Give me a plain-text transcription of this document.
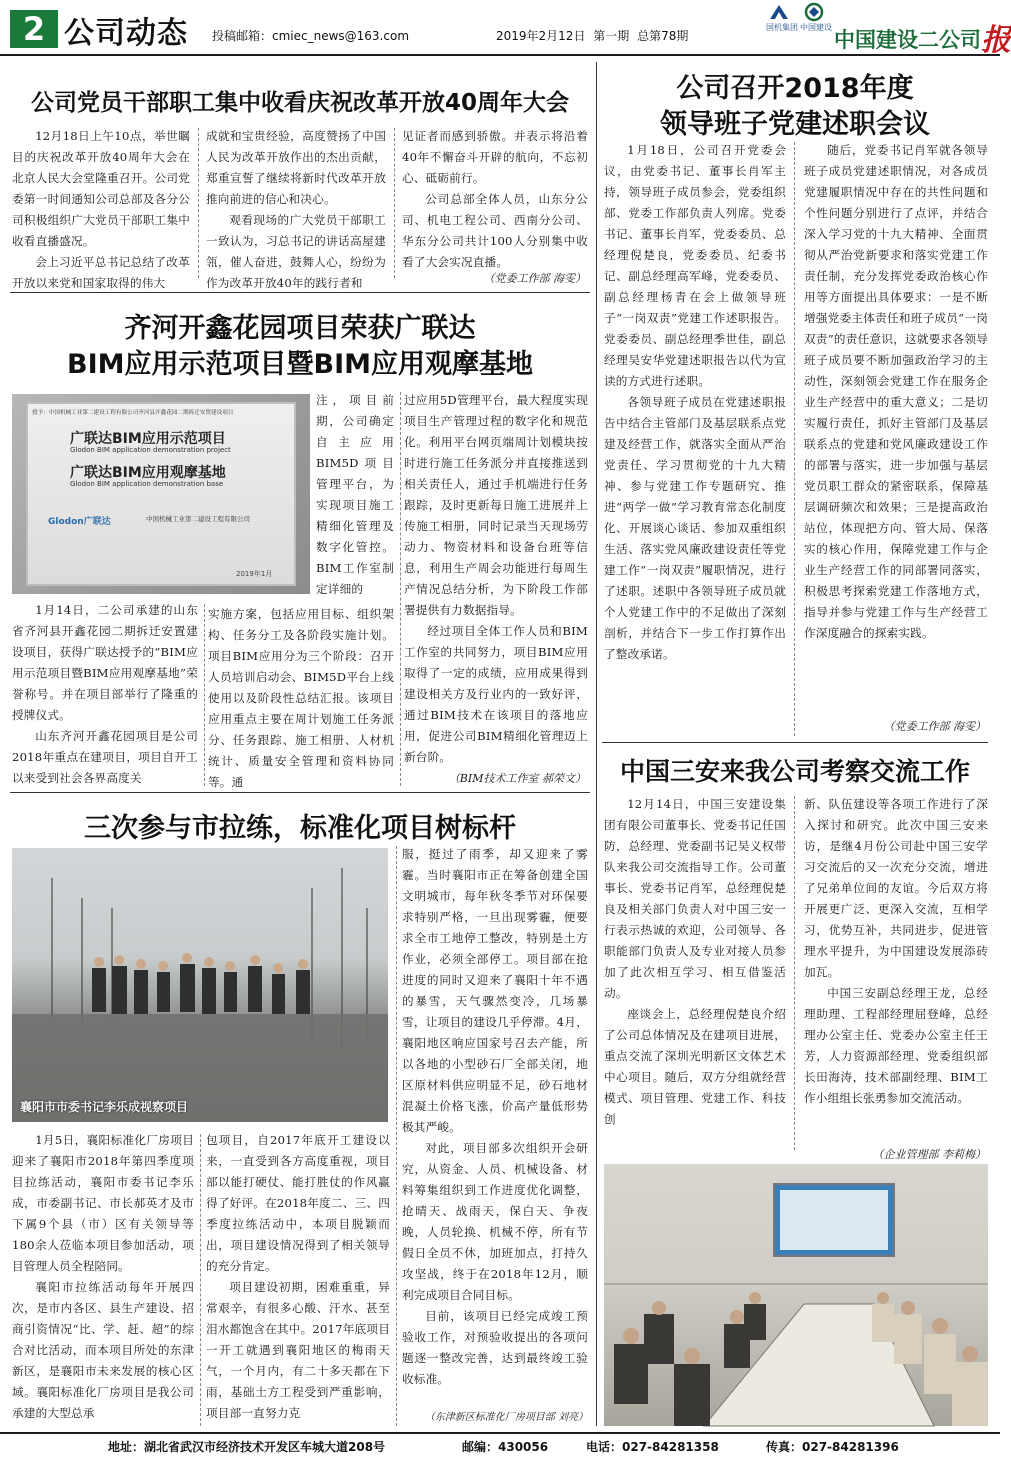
2 公司动态 投稿邮箱：cmiec_news@163.com	2019年2月12日 第一期 总第78期
国机集团 中国建设
中国建设二公司报
公司党员干部职工集中收看庆祝改革开放40周年大会

12月18日上午10点，举世瞩目的庆祝改革开放40周年大会在北京人民大会堂隆重召开。公司党委第一时间通知公司总部及各分公司积极组织广大党员干部职工集中收看直播盛况。

会上习近平总书记总结了改革开放以来党和国家取得的伟大

成就和宝贵经验，高度赞扬了中国人民为改革开放作出的杰出贡献，郑重宣誓了继续将新时代改革开放推向前进的信心和决心。

观看现场的广大党员干部职工一致认为，习总书记的讲话高屋建瓴，催人奋进，鼓舞人心，纷纷为作为改革开放40年的践行者和

见证者而感到骄傲。并表示将沿着40年不懈奋斗开辟的航向，不忘初心、砥砺前行。

公司总部全体人员，山东分公司、机电工程公司、西南分公司、华东分公司共计100人分别集中收看了大会实况直播。

（党委工作部 海雯）
齐河开鑫花园项目荣获广联达
BIM应用示范项目暨BIM应用观摩基地
授予：中国机械工业第二建设工程有限公司齐河县开鑫花园二期拆迁安置建设项目
广联达BIM应用示范项目
Glodon BIM application demonstration project
广联达BIM应用观摩基地
Glodon BIM application demonstration base
Glodon广联达	中国机械工业第二建设工程有限公司
2019年1月

1月14日，二公司承建的山东省齐河县开鑫花园二期拆迁安置建设项目，获得广联达授予的“BIM应用示范项目暨BIM应用观摩基地”荣誉称号。并在项目部举行了隆重的授牌仪式。

山东齐河开鑫花园项目是公司2018年重点在建项目，项目自开工以来受到社会各界高度关

注，项目前期，公司确定自主应用BIM5D项目管理平台，为实现项目施工精细化管理及数字化管控。BIM工作室制定详细的

实施方案，包括应用目标、组织架构、任务分工及各阶段实施计划。项目BIM应用分为三个阶段：召开人员培训启动会、BIM5D平台上线使用以及阶段性总结汇报。该项目应用重点主要在周计划施工任务派分、任务跟踪、施工相册、人材机统计、质量安全管理和资料协同等。通

过应用5D管理平台，最大程度实现项目生产管理过程的数字化和规范化。利用平台网页端周计划模块按时进行施工任务派分并直接推送到相关责任人，通过手机端进行任务跟踪，及时更新每日施工进展并上传施工相册，同时记录当天现场劳动力、物资材料和设备台班等信息，利用生产周会功能进行每周生产情况总结分析，为下阶段工作部署提供有力数据指导。

经过项目全体工作人员和BIM工作室的共同努力，项目BIM应用取得了一定的成绩，应用成果得到建设相关方及行业内的一致好评，通过BIM技术在该项目的落地应用，促进公司BIM精细化管理迈上新台阶。

（BIM技术工作室 郝荣文）
三次参与市拉练，标准化项目树标杆
襄阳市市委书记李乐成视察项目

1月5日，襄阳标准化厂房项目迎来了襄阳市2018年第四季度项目拉练活动，襄阳市委书记李乐成，市委副书记、市长郝英才及市下属9个县（市）区有关领导等180余人莅临本项目参加活动，项目管理人员全程陪同。

襄阳市拉练活动每年开展四次，是市内各区、县生产建设、招商引资情况“比、学、赶、超”的综合对比活动，而本项目所处的东津新区，是襄阳市未来发展的核心区域。襄阳标准化厂房项目是我公司承建的大型总承

包项目，自2017年底开工建设以来，一直受到各方高度重视，项目部以能打硬仗、能打胜仗的作风赢得了好评。在2018年度二、三、四季度拉练活动中，本项目脱颖而出，项目建设情况得到了相关领导的充分肯定。

项目建设初期，困难重重，异常艰辛，有很多心酸、汗水、甚至泪水都饱含在其中。2017年底项目一开工就遇到襄阳地区的梅雨天气，一个月内，有二十多天都在下雨，基础土方工程受到严重影响，项目部一直努力克

服，挺过了雨季，却又迎来了雾霾。当时襄阳市正在筹备创建全国文明城市，每年秋冬季节对环保要求特别严格，一旦出现雾霾，便要求全市工地停工整改，特别是土方作业，必须全部停工。项目部在抢进度的同时又迎来了襄阳十年不遇的暴雪，天气骤然变冷，几场暴雪，让项目的建设几乎停滞。4月，襄阳地区响应国家号召去产能，所以各地的小型砂石厂全部关闭，地区原材料供应明显不足，砂石地材混凝土价格飞涨，价高产量低形势极其严峻。

对此，项目部多次组织开会研究，从资金、人员、机械设备、材料筹集组织到工作进度优化调整，抢晴天、战雨天，保白天、争夜晚，人员轮换、机械不停，所有节假日全员不休，加班加点，打持久攻坚战，终于在2018年12月，顺利完成项目合同目标。

目前，该项目已经完成竣工预验收工作，对预验收提出的各项问题逐一整改完善，达到最终竣工验收标准。

（东津新区标准化厂房项目部 刘亮）
公司召开2018年度
领导班子党建述职会议

1月18日，公司召开党委会议，由党委书记、董事长肖军主持，领导班子成员参会，党委组织部、党委工作部负责人列席。党委书记、董事长肖军，党委委员、总经理倪楚良，党委委员、纪委书记、副总经理高军峰，党委委员、副总经理杨青在会上做领导班子“一岗双责”党建工作述职报告。党委委员、副总经理季世佳，副总经理吴安华党建述职报告以代为宣读的方式进行述职。

各领导班子成员在党建述职报告中结合主管部门及基层联系点党建及经营工作，就落实全面从严治党责任、学习贯彻党的十九大精神、参与党建工作专题研究、推进“两学一做”学习教育常态化制度化、开展谈心谈话、参加双重组织生活、落实党风廉政建设责任等党建工作“一岗双责”履职情况，进行了述职。述职中各领导班子成员就个人党建工作中的不足做出了深刻剖析，并结合下一步工作打算作出了整改承诺。

随后，党委书记肖军就各领导班子成员党建述职情况，对各成员党建履职情况中存在的共性问题和个性问题分别进行了点评，并结合深入学习党的十九大精神、全面贯彻从严治党新要求和落实党建工作责任制，充分发挥党委政治核心作用等方面提出具体要求：一是不断增强党委主体责任和班子成员“一岗双责”的责任意识，这就要求各领导班子成员要不断加强政治学习的主动性，深刻领会党建工作在服务企业生产经营中的重大意义；二是切实履行责任，抓好主管部门及基层联系点的党建和党风廉政建设工作的部署与落实，进一步加强与基层党员职工群众的紧密联系，保障基层调研频次和效果；三是提高政治站位，体现把方向、管大局、保落实的核心作用，保障党建工作与企业生产经营工作的同部署同落实，积极思考探索党建工作落地方式，指导并参与党建工作与生产经营工作深度融合的探索实践。

（党委工作部 海雯）
中国三安来我公司考察交流工作

12月14日，中国三安建设集团有限公司董事长、党委书记任国防，总经理、党委副书记吴义权带队来我公司交流指导工作。公司董事长、党委书记肖军，总经理倪楚良及相关部门负责人对中国三安一行表示热诚的欢迎，公司领导、各职能部门负责人及专业对接人员参加了此次相互学习、相互借鉴活动。

座谈会上，总经理倪楚良介绍了公司总体情况及在建项目进展，重点交流了深圳光明新区文体艺术中心项目。随后，双方分组就经营模式、项目管理、党建工作、科技创

新、队伍建设等各项工作进行了深入探讨和研究。此次中国三安来访，是继4月份公司赴中国三安学习交流后的又一次充分交流，增进了兄弟单位间的友谊。今后双方将开展更广泛、更深入交流，互相学习，优势互补，共同进步，促进管理水平提升，为中国建设发展添砖加瓦。

中国三安副总经理王龙，总经理助理、工程部经理屈登峰，总经理办公室主任、党委办公室主任王芳，人力资源部经理、党委组织部长田海涛，技术部副经理、BIM工作小组组长张勇参加交流活动。

（企业管理部 李莉梅）
地址：湖北省武汉市经济技术开发区车城大道208号	邮编：430056	电话：027-84281358	传真：027-84281396
